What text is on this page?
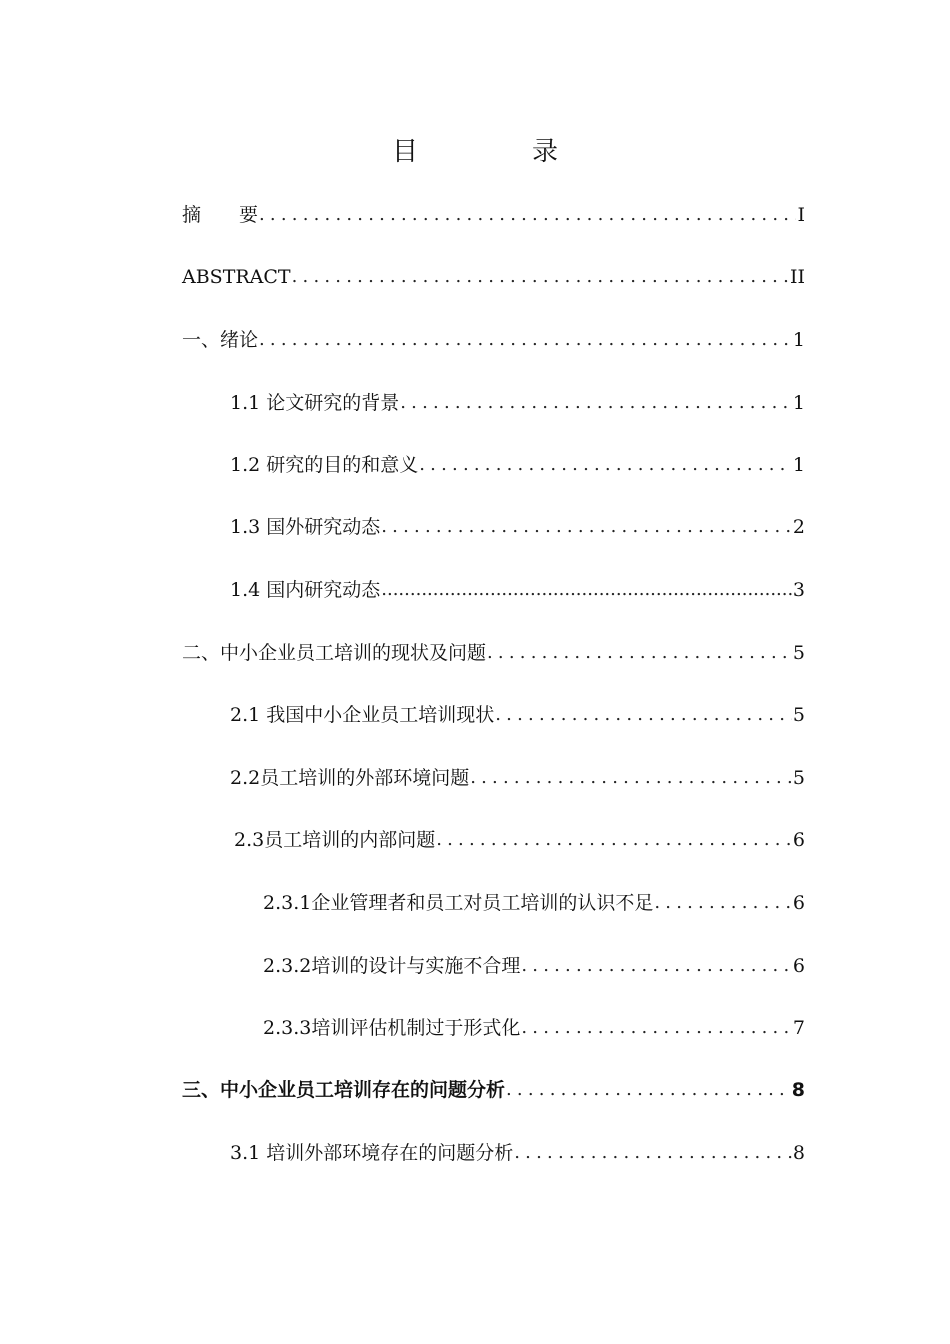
目　录
摘　　要 .....	I
ABSTRACT .....	II
一、绪论 .....	1
1.1 论文研究的背景 .....	1
1.2 研究的目的和意义 .....	1
1.3 国外研究动态 .....	2
1.4 国内研究动态 .....	3
二、中小企业员工培训的现状及问题 .....	5
2.1 我国中小企业员工培训现状 .....	5
2.2员工培训的外部环境问题 .....	5
2.3员工培训的内部问题 .....	6
2.3.1企业管理者和员工对员工培训的认识不足 .....	6
2.3.2培训的设计与实施不合理 .....	6
2.3.3培训评估机制过于形式化 .....	7
三、中小企业员工培训存在的问题分析 .....	8
3.1 培训外部环境存在的问题分析 .....	8
